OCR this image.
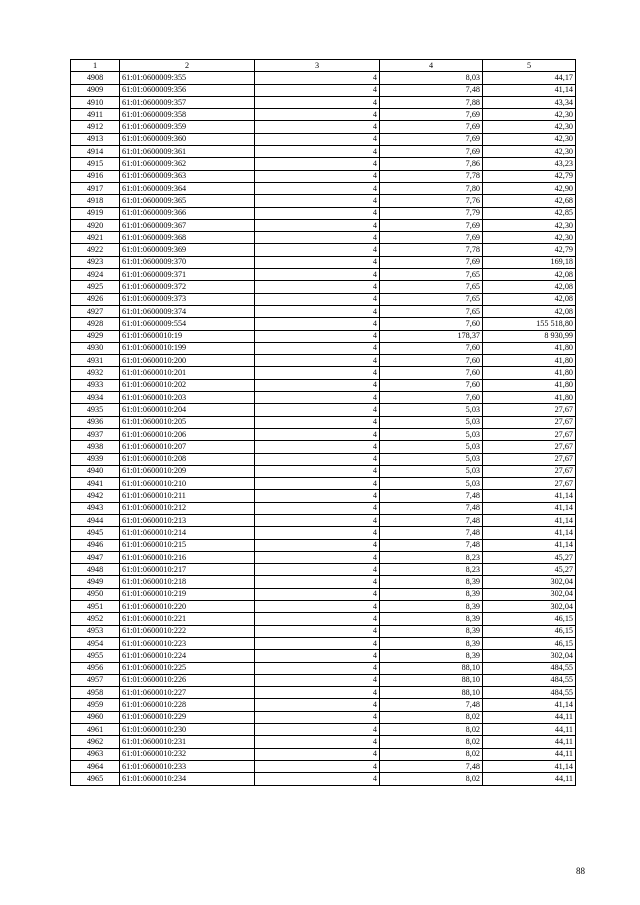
1	2	3	4	5
4908	61:01:0600009:355	4	8,03	44,17
4909	61:01:0600009:356	4	7,48	41,14
4910	61:01:0600009:357	4	7,88	43,34
4911	61:01:0600009:358	4	7,69	42,30
4912	61:01:0600009:359	4	7,69	42,30
4913	61:01:0600009:360	4	7,69	42,30
4914	61:01:0600009:361	4	7,69	42,30
4915	61:01:0600009:362	4	7,86	43,23
4916	61:01:0600009:363	4	7,78	42,79
4917	61:01:0600009:364	4	7,80	42,90
4918	61:01:0600009:365	4	7,76	42,68
4919	61:01:0600009:366	4	7,79	42,85
4920	61:01:0600009:367	4	7,69	42,30
4921	61:01:0600009:368	4	7,69	42,30
4922	61:01:0600009:369	4	7,78	42,79
4923	61:01:0600009:370	4	7,69	169,18
4924	61:01:0600009:371	4	7,65	42,08
4925	61:01:0600009:372	4	7,65	42,08
4926	61:01:0600009:373	4	7,65	42,08
4927	61:01:0600009:374	4	7,65	42,08
4928	61:01:0600009:554	4	7,60	155 518,80
4929	61:01:0600010:19	4	178,37	8 930,99
4930	61:01:0600010:199	4	7,60	41,80
4931	61:01:0600010:200	4	7,60	41,80
4932	61:01:0600010:201	4	7,60	41,80
4933	61:01:0600010:202	4	7,60	41,80
4934	61:01:0600010:203	4	7,60	41,80
4935	61:01:0600010:204	4	5,03	27,67
4936	61:01:0600010:205	4	5,03	27,67
4937	61:01:0600010:206	4	5,03	27,67
4938	61:01:0600010:207	4	5,03	27,67
4939	61:01:0600010:208	4	5,03	27,67
4940	61:01:0600010:209	4	5,03	27,67
4941	61:01:0600010:210	4	5,03	27,67
4942	61:01:0600010:211	4	7,48	41,14
4943	61:01:0600010:212	4	7,48	41,14
4944	61:01:0600010:213	4	7,48	41,14
4945	61:01:0600010:214	4	7,48	41,14
4946	61:01:0600010:215	4	7,48	41,14
4947	61:01:0600010:216	4	8,23	45,27
4948	61:01:0600010:217	4	8,23	45,27
4949	61:01:0600010:218	4	8,39	302,04
4950	61:01:0600010:219	4	8,39	302,04
4951	61:01:0600010:220	4	8,39	302,04
4952	61:01:0600010:221	4	8,39	46,15
4953	61:01:0600010:222	4	8,39	46,15
4954	61:01:0600010:223	4	8,39	46,15
4955	61:01:0600010:224	4	8,39	302,04
4956	61:01:0600010:225	4	88,10	484,55
4957	61:01:0600010:226	4	88,10	484,55
4958	61:01:0600010:227	4	88,10	484,55
4959	61:01:0600010:228	4	7,48	41,14
4960	61:01:0600010:229	4	8,02	44,11
4961	61:01:0600010:230	4	8,02	44,11
4962	61:01:0600010:231	4	8,02	44,11
4963	61:01:0600010:232	4	8,02	44,11
4964	61:01:0600010:233	4	7,48	41,14
4965	61:01:0600010:234	4	8,02	44,11
88
